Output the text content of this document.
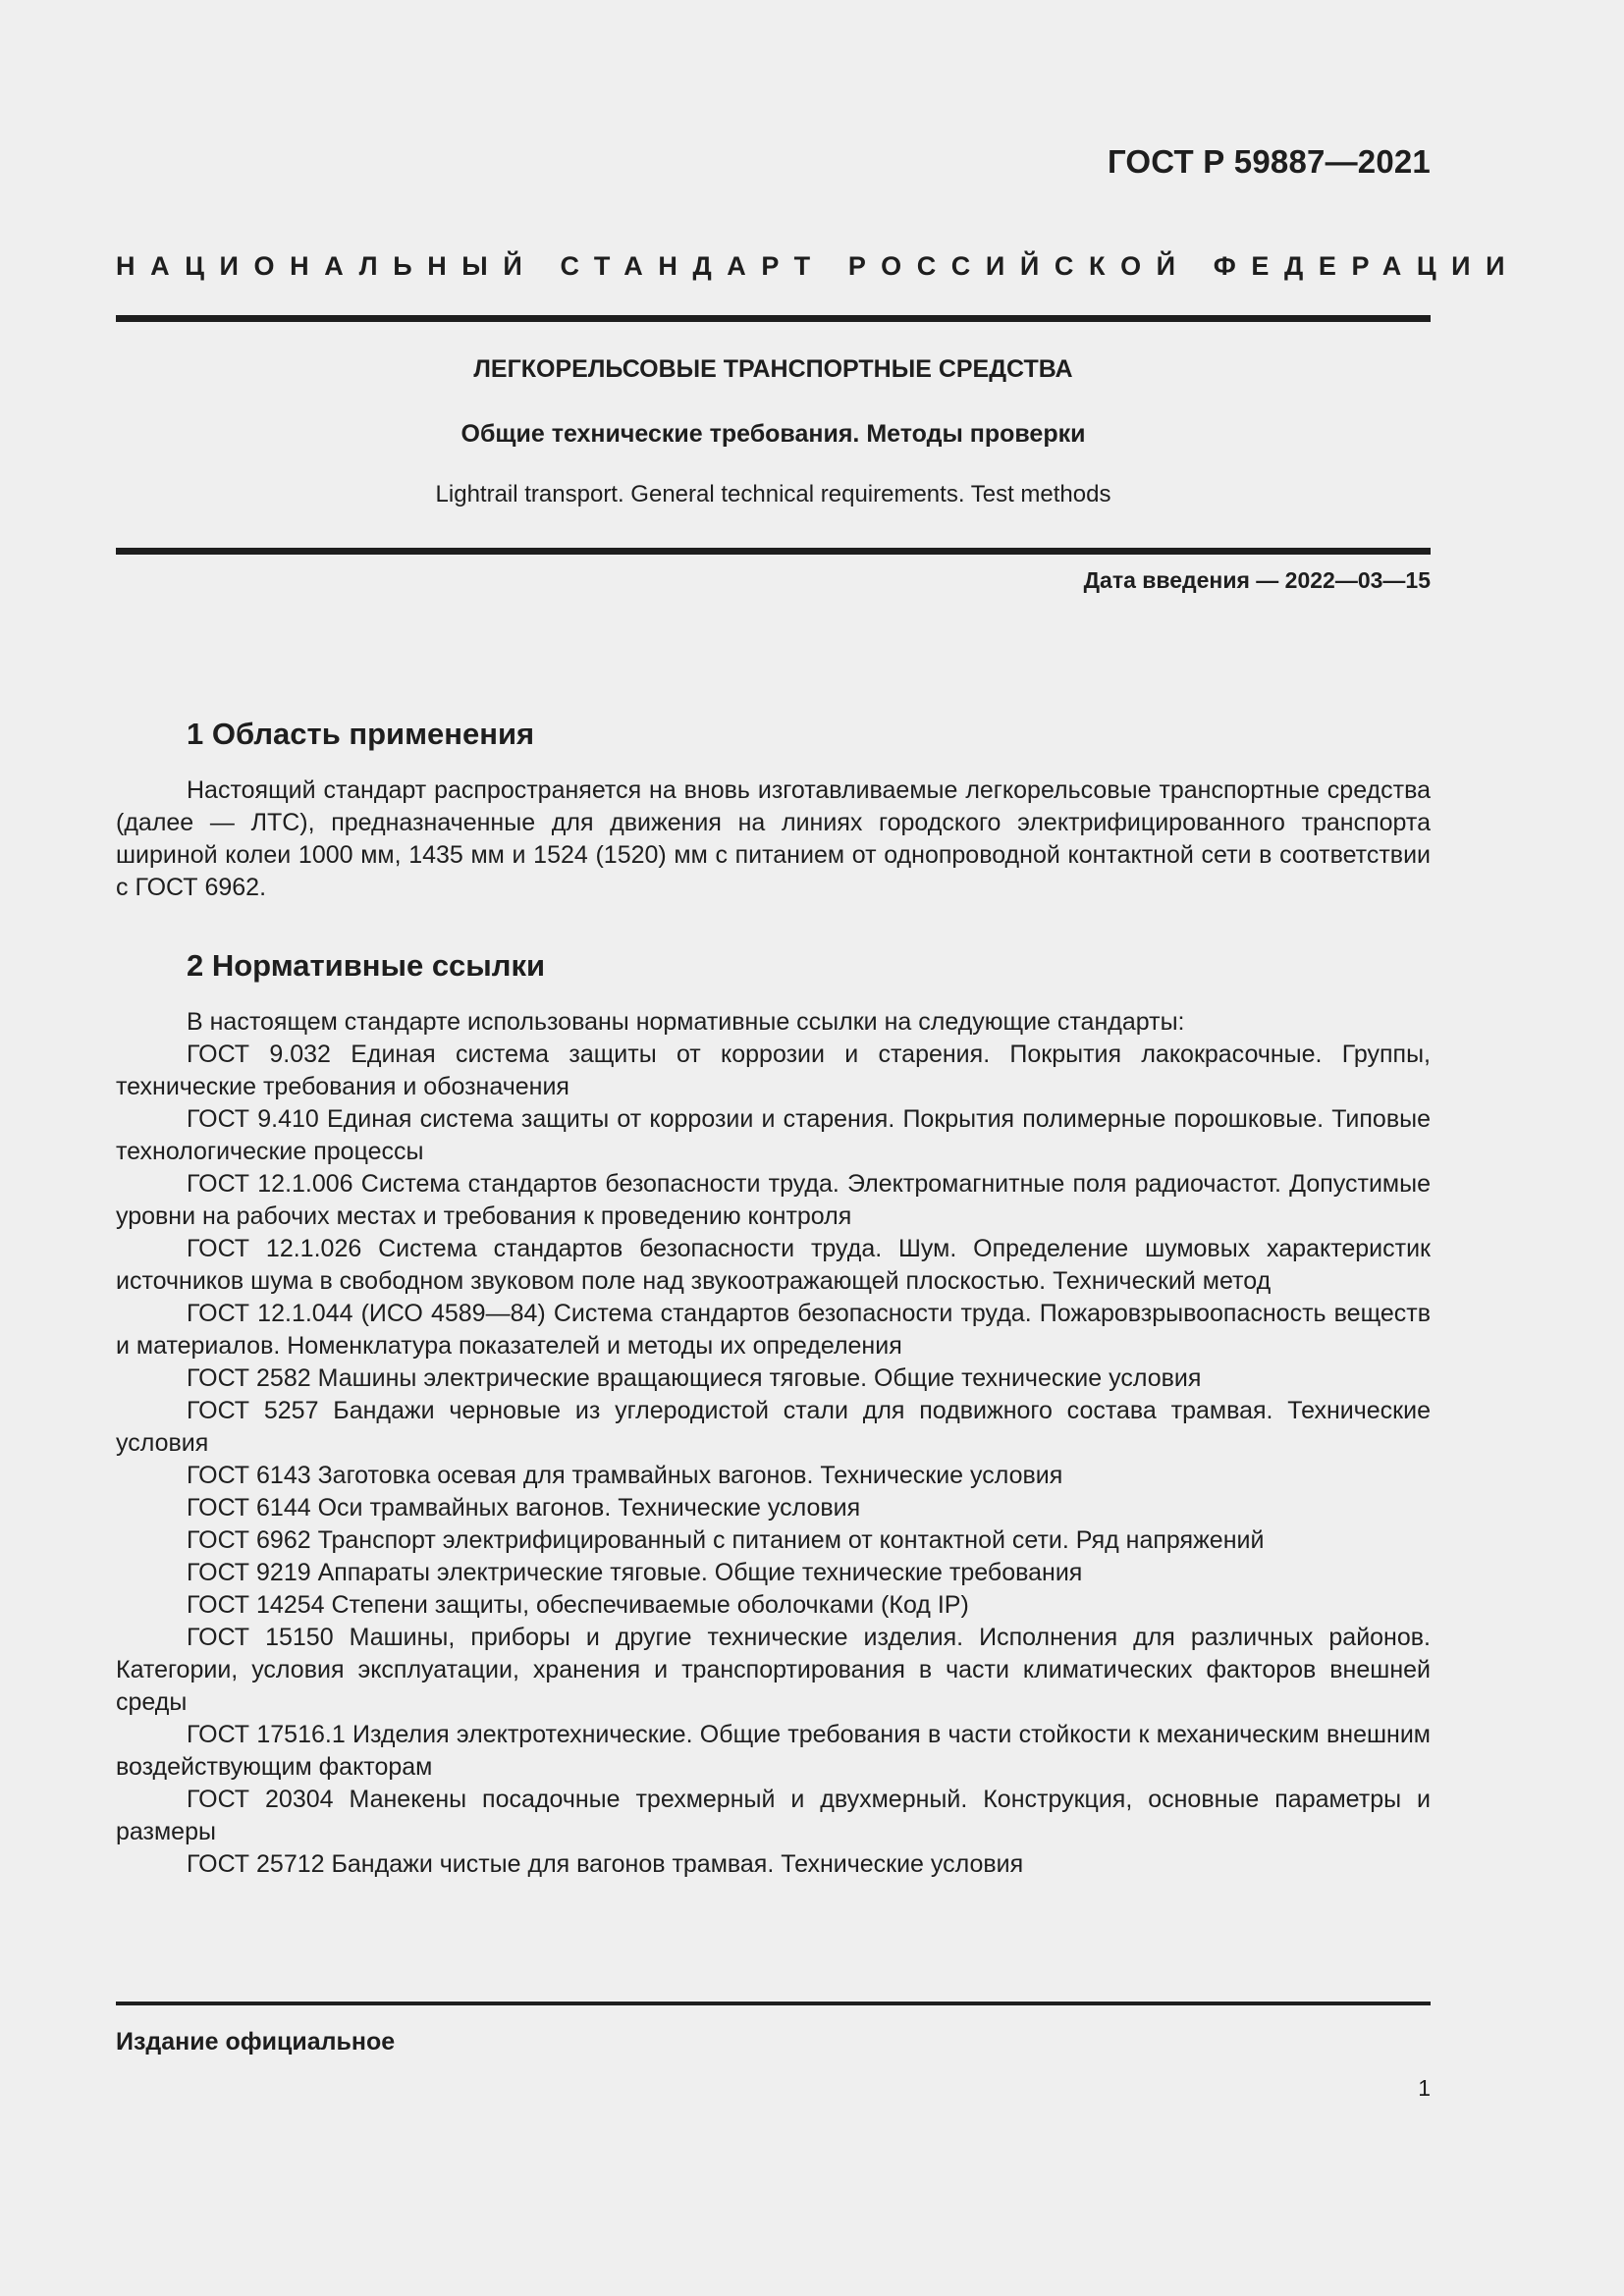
ГОСТ Р 59887—2021
НАЦИОНАЛЬНЫЙ СТАНДАРТ РОССИЙСКОЙ ФЕДЕРАЦИИ
ЛЕГКОРЕЛЬСОВЫЕ ТРАНСПОРТНЫЕ СРЕДСТВА
Общие технические требования. Методы проверки
Lightrail transport. General technical requirements. Test methods
Дата введения — 2022—03—15
1 Область применения

Настоящий стандарт распространяется на вновь изготавливаемые легкорельсовые транспортные средства (далее — ЛТС), предназначенные для движения на линиях городского электрифицированного транспорта шириной колеи 1000 мм, 1435 мм и 1524 (1520) мм с питанием от однопроводной контактной сети в соответствии с ГОСТ 6962.

2 Нормативные ссылки

В настоящем стандарте использованы нормативные ссылки на следующие стандарты:

ГОСТ 9.032 Единая система защиты от коррозии и старения. Покрытия лакокрасочные. Группы, технические требования и обозначения

ГОСТ 9.410 Единая система защиты от коррозии и старения. Покрытия полимерные порошковые. Типовые технологические процессы

ГОСТ 12.1.006 Система стандартов безопасности труда. Электромагнитные поля радиочастот. Допустимые уровни на рабочих местах и требования к проведению контроля

ГОСТ 12.1.026 Система стандартов безопасности труда. Шум. Определение шумовых характеристик источников шума в свободном звуковом поле над звукоотражающей плоскостью. Технический метод

ГОСТ 12.1.044 (ИСО 4589—84) Система стандартов безопасности труда. Пожаровзрывоопасность веществ и материалов. Номенклатура показателей и методы их определения

ГОСТ 2582 Машины электрические вращающиеся тяговые. Общие технические условия

ГОСТ 5257 Бандажи черновые из углеродистой стали для подвижного состава трамвая. Технические условия

ГОСТ 6143 Заготовка осевая для трамвайных вагонов. Технические условия

ГОСТ 6144 Оси трамвайных вагонов. Технические условия

ГОСТ 6962 Транспорт электрифицированный с питанием от контактной сети. Ряд напряжений

ГОСТ 9219 Аппараты электрические тяговые. Общие технические требования

ГОСТ 14254 Степени защиты, обеспечиваемые оболочками (Код IP)

ГОСТ 15150 Машины, приборы и другие технические изделия. Исполнения для различных районов. Категории, условия эксплуатации, хранения и транспортирования в части климатических факторов внешней среды

ГОСТ 17516.1 Изделия электротехнические. Общие требования в части стойкости к механическим внешним воздействующим факторам

ГОСТ 20304 Манекены посадочные трехмерный и двухмерный. Конструкция, основные параметры и размеры

ГОСТ 25712 Бандажи чистые для вагонов трамвая. Технические условия

Издание официальное
1
